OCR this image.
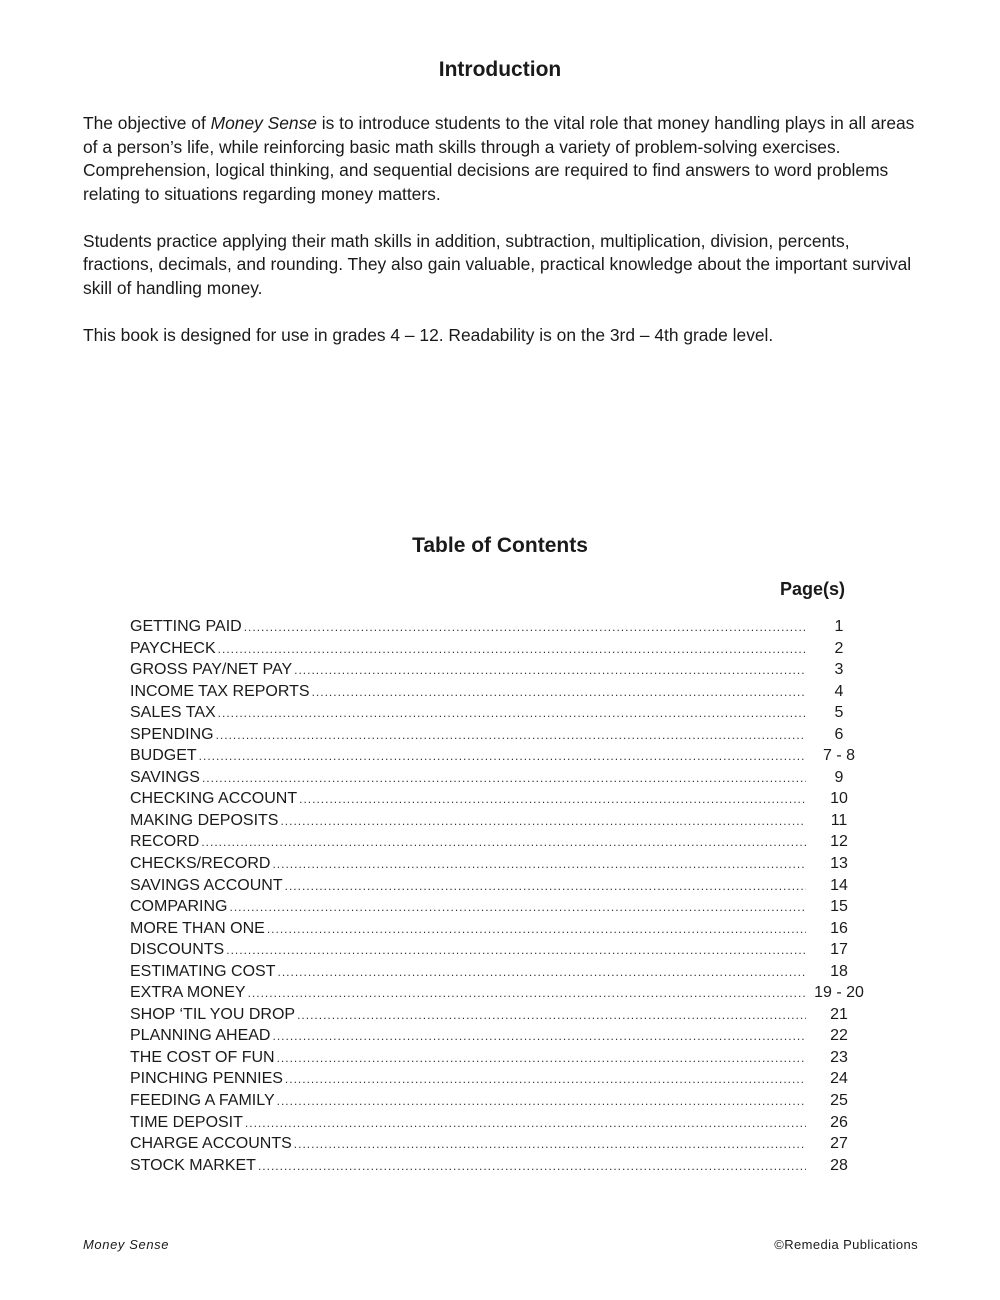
Introduction

The objective of Money Sense is to introduce students to the vital role that money handling plays in all areas of a person’s life, while reinforcing basic math skills through a variety of problem-solving exercises. Comprehension, logical thinking, and sequential decisions are required to find answers to word problems relating to situations regarding money matters.

Students practice applying their math skills in addition, subtraction, multiplication, division, percents, fractions, decimals, and rounding. They also gain valuable, practical knowledge about the important survival skill of handling money.

This book is designed for use in grades 4 – 12. Readability is on the 3rd – 4th grade level.

Table of Contents
Page(s)
GETTING PAID .....	1
PAYCHECK .....	2
GROSS PAY/NET PAY .....	3
INCOME TAX REPORTS .....	4
SALES TAX .....	5
SPENDING .....	6
BUDGET .....	7 - 8
SAVINGS .....	9
CHECKING ACCOUNT .....	10
MAKING DEPOSITS .....	11
RECORD .....	12
CHECKS/RECORD .....	13
SAVINGS ACCOUNT .....	14
COMPARING .....	15
MORE THAN ONE .....	16
DISCOUNTS .....	17
ESTIMATING COST .....	18
EXTRA MONEY .....	19 - 20
SHOP ‘TIL YOU DROP .....	21
PLANNING AHEAD .....	22
THE COST OF FUN .....	23
PINCHING PENNIES .....	24
FEEDING A FAMILY .....	25
TIME DEPOSIT .....	26
CHARGE ACCOUNTS .....	27
STOCK MARKET .....	28
Money Sense	©Remedia Publications
